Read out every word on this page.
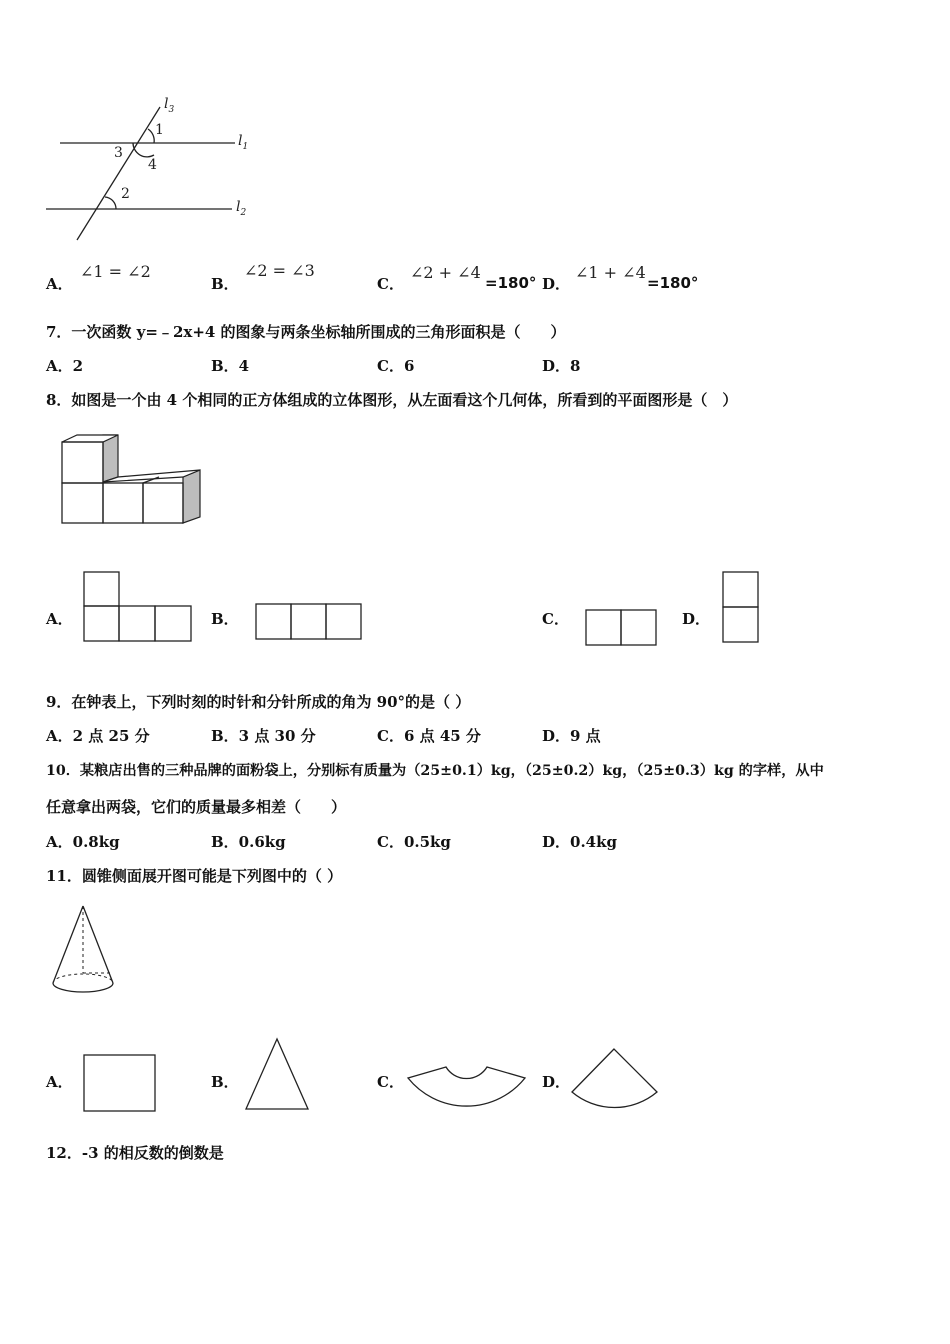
$l_3$
$l_1$
$l_2$
1
3
4
2
A．
∠1 = ∠2
B．
∠2 = ∠3
C．
∠2 + ∠4
=180° D．
∠1 + ∠4
=180°
7．一次函数 y=﹣2x+4 的图象与两条坐标轴所围成的三角形面积是（　　）
A．2	B．4	C．6	D．8
8．如图是一个由 4 个相同的正方体组成的立体图形，从左面看这个几何体，所看到的平面图形是（　）
A．	B．	C．	D．
9．在钟表上，下列时刻的时针和分针所成的角为 90°的是（ ）
A．2 点 25 分	B．3 点 30 分	C．6 点 45 分	D．9 点
10．某粮店出售的三种品牌的面粉袋上，分别标有质量为（25±0.1）kg，（25±0.2）kg，（25±0.3）kg 的字样，从中
任意拿出两袋，它们的质量最多相差（　　）
A．0.8kg	B．0.6kg	C．0.5kg	D．0.4kg
11．圆锥侧面展开图可能是下列图中的（ ）
A．	B．	C．	D．
12．-3 的相反数的倒数是
